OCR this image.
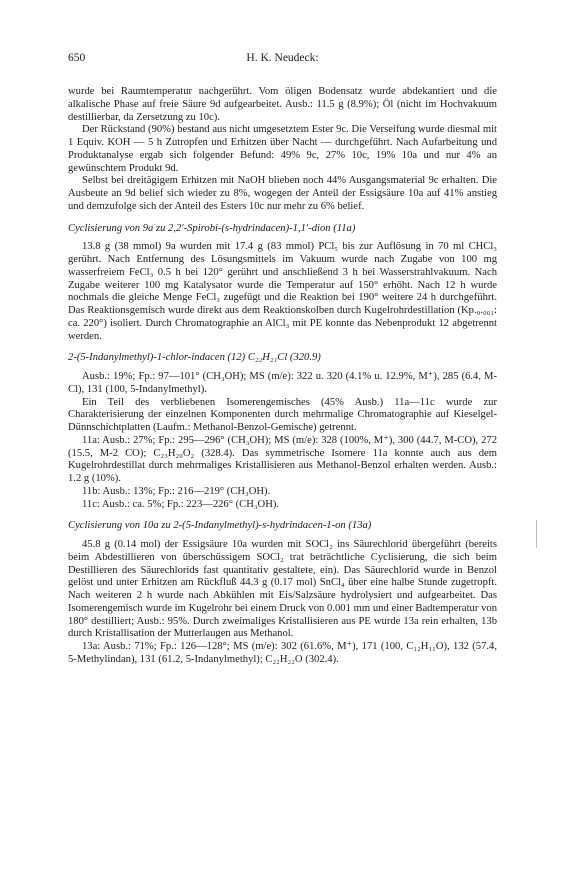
650	H. K. Neudeck:

wurde bei Raumtemperatur nachgerührt. Vom öligen Bodensatz wurde abdekantiert und die alkalische Phase auf freie Säure 9d aufgearbeitet. Ausb.: 11.5 g (8.9%); Öl (nicht im Hochvakuum destillierbar, da Zersetzung zu 10c).

Der Rückstand (90%) bestand aus nicht umgesetztem Ester 9c. Die Verseifung wurde diesmal mit 1 Equiv. KOH — 5 h Zutropfen und Erhitzen über Nacht — durchgeführt. Nach Aufarbeitung und Produktanalyse ergab sich folgender Befund: 49% 9c, 27% 10c, 19% 10a und nur 4% an gewünschtem Produkt 9d.

Selbst bei dreitägigem Erhitzen mit NaOH blieben noch 44% Ausgangsmaterial 9c erhalten. Die Ausbeute an 9d belief sich wieder zu 8%, wogegen der Anteil der Essigsäure 10a auf 41% anstieg und demzufolge sich der Anteil des Esters 10c nur mehr zu 6% belief.

Cyclisierung von 9a zu 2,2′-Spirobi-(s-hydrindacen)-1,1′-dion (11a)

13.8 g (38 mmol) 9a wurden mit 17.4 g (83 mmol) PCl₅ bis zur Auflösung in 70 ml CHCl₃ gerührt. Nach Entfernung des Lösungsmittels im Vakuum wurde nach Zugabe von 100 mg wasserfreiem FeCl₃ 0.5 h bei 120° gerührt und anschließend 3 h bei Wasserstrahlvakuum. Nach Zugabe weiterer 100 mg Katalysator wurde die Temperatur auf 150° erhöht. Nach 12 h wurde nochmals die gleiche Menge FeCl₃ zugefügt und die Reaktion bei 190° weitere 24 h durchgeführt. Das Reaktionsgemisch wurde direkt aus dem Reaktionskolben durch Kugelrohrdestillation (Kp.₀.₀₀₁: ca. 220°) isoliert. Durch Chromatographie an AlCl₃ mit PE konnte das Nebenprodukt 12 abgetrennt werden.

2-(5-Indanylmethyl)-1-chlor-indacen (12) C₂₂H₂₁Cl (320.9)

Ausb.: 19%; Fp.: 97—101° (CH₃OH); MS (m/e): 322 u. 320 (4.1% u. 12.9%, M⁺), 285 (6.4, M-Cl), 131 (100, 5-Indanylmethyl).

Ein Teil des verbliebenen Isomerengemisches (45% Ausb.) 11a—11c wurde zur Charakterisierung der einzelnen Komponenten durch mehrmalige Chromatographie auf Kieselgel-Dünnschichtplatten (Laufm.: Methanol-Benzol-Gemische) getrennt.

11a: Ausb.: 27%; Fp.: 295—296° (CH₃OH); MS (m/e): 328 (100%, M⁺), 300 (44.7, M-CO), 272 (15.5, M-2 CO); C₂₃H₂₀O₂ (328.4). Das symmetrische Isomere 11a konnte auch aus dem Kugelrohrdestillat durch mehrmaliges Kristallisieren aus Methanol-Benzol erhalten werden. Ausb.: 1.2 g (10%).

11b: Ausb.: 13%; Fp.: 216—219° (CH₃OH).

11c: Ausb.: ca. 5%; Fp.: 223—226° (CH₃OH).

Cyclisierung von 10a zu 2-(5-Indanylmethyl)-s-hydrindacen-1-on (13a)

45.8 g (0.14 mol) der Essigsäure 10a wurden mit SOCl₂ ins Säurechlorid übergeführt (bereits beim Abdestillieren von überschüssigem SOCl₂ trat beträchtliche Cyclisierung, die sich beim Destillieren des Säurechlorids fast quantitativ gestaltete, ein). Das Säurechlorid wurde in Benzol gelöst und unter Erhitzen am Rückfluß 44.3 g (0.17 mol) SnCl₄ über eine halbe Stunde zugetropft. Nach weiteren 2 h wurde nach Abkühlen mit Eis/Salzsäure hydrolysiert und aufgearbeitet. Das Isomerengemisch wurde im Kugelrohr bei einem Druck von 0.001 mm und einer Badtemperatur von 180° destilliert; Ausb.: 95%. Durch zweimaliges Kristallisieren aus PE wurde 13a rein erhalten, 13b durch Kristallisation der Mutterlaugen aus Methanol.

13a: Ausb.: 71%; Fp.: 126—128°; MS (m/e): 302 (61.6%, M⁺), 171 (100, C₁₂H₁₁O), 132 (57.4, 5-Methylindan), 131 (61.2, 5-Indanylmethyl); C₂₂H₂₂O (302.4).
